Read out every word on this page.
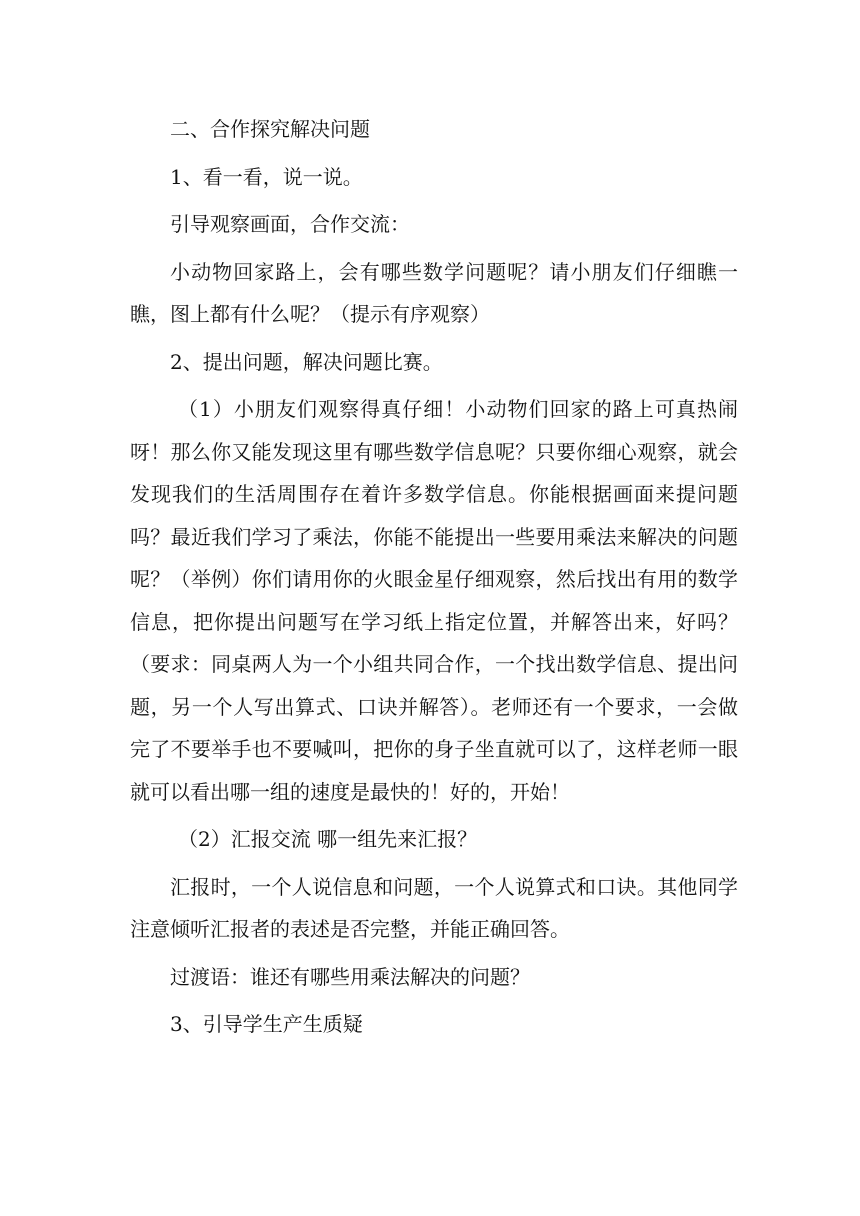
二、合作探究解决问题

1、看一看，说一说。

引导观察画面，合作交流：

小动物回家路上，会有哪些数学问题呢？请小朋友们仔细瞧一瞧，图上都有什么呢？（提示有序观察）

2、提出问题，解决问题比赛。

（1）小朋友们观察得真仔细！小动物们回家的路上可真热闹呀！那么你又能发现这里有哪些数学信息呢？只要你细心观察，就会发现我们的生活周围存在着许多数学信息。你能根据画面来提问题吗？最近我们学习了乘法，你能不能提出一些要用乘法来解决的问题呢？（举例）你们请用你的火眼金星仔细观察，然后找出有用的数学信息，把你提出问题写在学习纸上指定位置，并解答出来，好吗？（要求：同桌两人为一个小组共同合作，一个找出数学信息、提出问题，另一个人写出算式、口诀并解答）。老师还有一个要求，一会做完了不要举手也不要喊叫，把你的身子坐直就可以了，这样老师一眼就可以看出哪一组的速度是最快的！好的，开始！

（2）汇报交流 哪一组先来汇报？

汇报时，一个人说信息和问题，一个人说算式和口诀。其他同学注意倾听汇报者的表述是否完整，并能正确回答。

过渡语：谁还有哪些用乘法解决的问题？

3、引导学生产生质疑
